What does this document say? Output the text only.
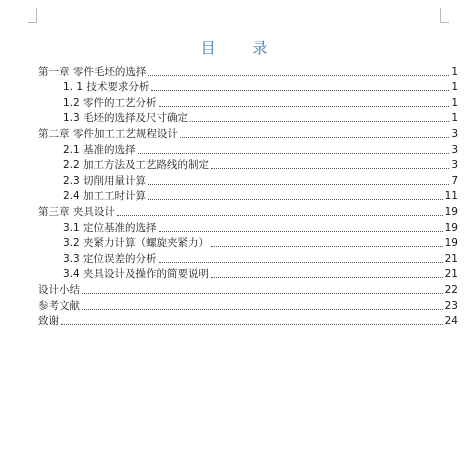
目 录
第一章 零件毛坯的选择	1
1. 1 技术要求分析	1
1.2 零件的工艺分析	1
1.3 毛坯的选择及尺寸确定	1
第二章 零件加工工艺规程设计	3
2.1 基准的选择	3
2.2 加工方法及工艺路线的制定	3
2.3 切削用量计算	7
2.4 加工工时计算	11
第三章 夹具设计	19
3.1 定位基准的选择	19
3.2 夹紧力计算（螺旋夹紧力）	19
3.3 定位误差的分析	21
3.4 夹具设计及操作的简要说明	21
设计小结	22
参考文献	23
致谢	24
